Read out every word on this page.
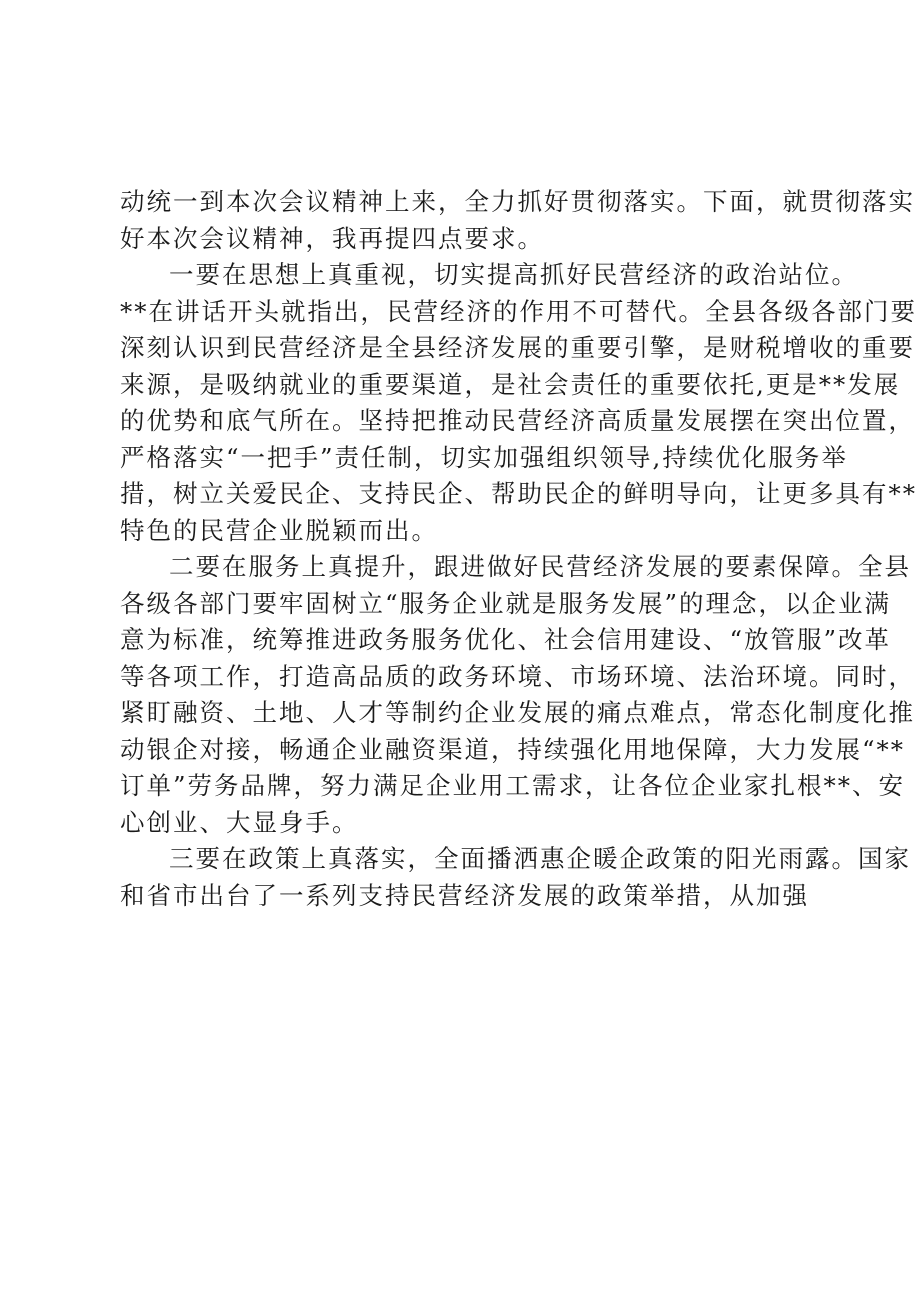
动统一到本次会议精神上来，全力抓好贯彻落实。下面，就贯彻落实
好本次会议精神，我再提四点要求。
一要在思想上真重视，切实提高抓好民营经济的政治站位。
**在讲话开头就指出，民营经济的作用不可替代。全县各级各部门要
深刻认识到民营经济是全县经济发展的重要引擎，是财税增收的重要
来源，是吸纳就业的重要渠道，是社会责任的重要依托,更是**发展
的优势和底气所在。坚持把推动民营经济高质量发展摆在突出位置，
严格落实“一把手”责任制，切实加强组织领导,持续优化服务举
措，树立关爱民企、支持民企、帮助民企的鲜明导向，让更多具有**
特色的民营企业脱颖而出。
二要在服务上真提升，跟进做好民营经济发展的要素保障。全县
各级各部门要牢固树立“服务企业就是服务发展”的理念，以企业满
意为标准，统筹推进政务服务优化、社会信用建设、“放管服”改革
等各项工作，打造高品质的政务环境、市场环境、法治环境。同时，
紧盯融资、土地、人才等制约企业发展的痛点难点，常态化制度化推
动银企对接，畅通企业融资渠道，持续强化用地保障，大力发展“**
订单”劳务品牌，努力满足企业用工需求，让各位企业家扎根**、安
心创业、大显身手。
三要在政策上真落实，全面播洒惠企暖企政策的阳光雨露。国家
和省市出台了一系列支持民营经济发展的政策举措，从加强
